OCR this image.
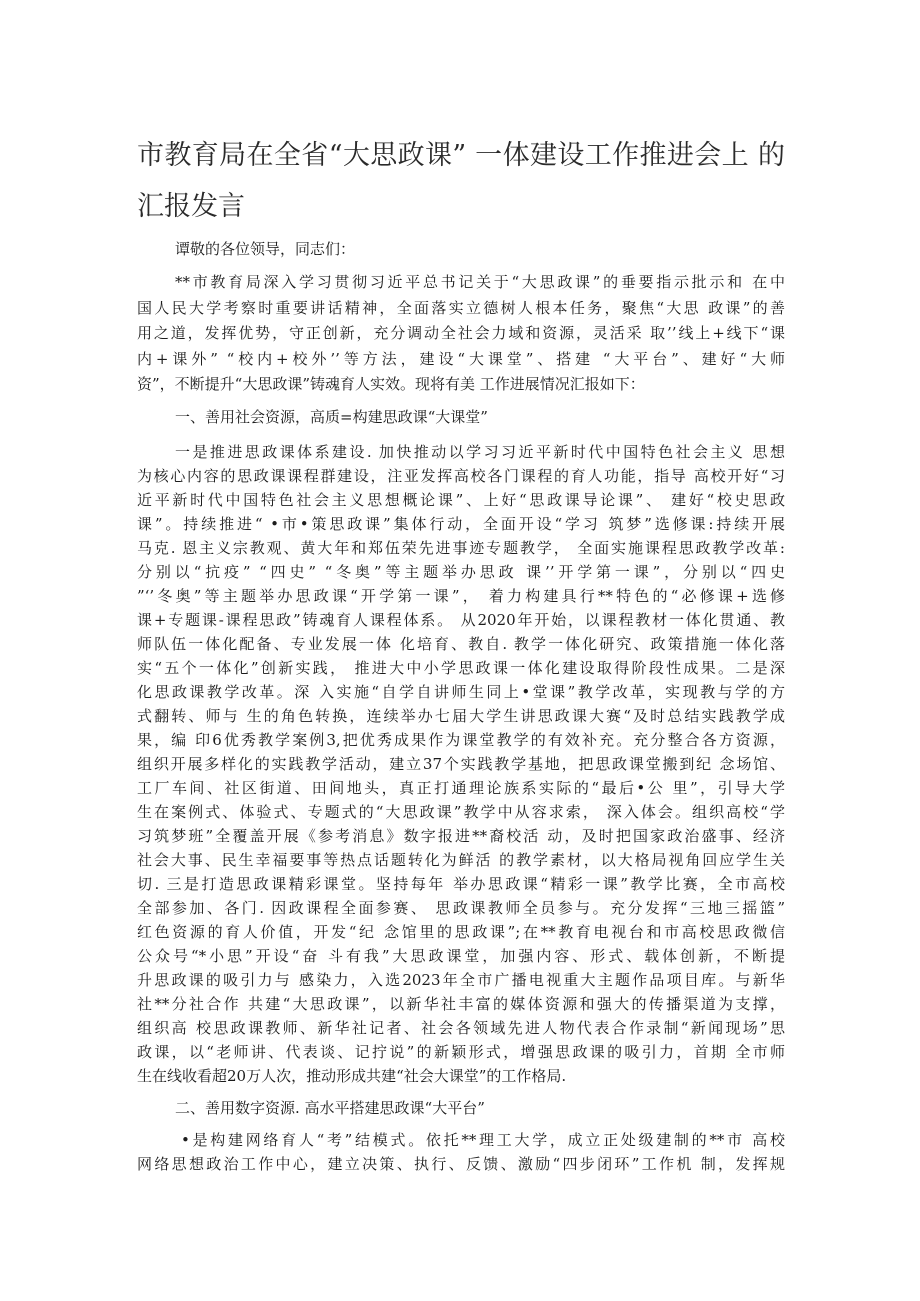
市教育局在全省“大思政课” 一体建设工作推进会上 的
汇报发言
谭敬的各位领导，同志们：
**市教育局深入学习贯彻习近平总书记关于“大思政课”的垂要指示批示和 在中
国人民大学考察时重要讲话精神，全面落实立德树人根本任务，聚焦“大思 政课”的善
用之道，发挥优势，守正创新，充分调动全社会力域和资源，灵活采 取’’线上+线下“课
内+课外” “校内+校外’’等方法，建设“大课堂”、搭建 “大平台”、建好“大师
资”，不断提升“大思政课”铸魂育人实效。现将有美 工作进展情况汇报如下：
一、善用社会资源，高质=构建思政课“大课堂”
一是推进思政课体系建设. 加快推动以学习习近平新时代中国特色社会主义 思想
为核心内容的思政课课程群建设，注亚发挥高校各门课程的育人功能，指导 高校开好“习
近平新时代中国特色社会主义思想概论课”、上好“思政课导论课”、 建好“校史思政
课”。持续推进“ •市•策思政课”集体行动，全面开设“学习 筑梦”选修课:持续开展
马克. 恩主义宗教观、黄大年和郑伍荣先进事迹专题教学， 全面实施课程思政教学改革:
分别以“抗疫” “四史” “冬奥”等主题举办思政 课’’开学第一课”，分别以“四史
”‘’冬奥”等主题举办思政课“开学第一课”， 着力构建具行**特色的“必修课+选修
课+专题课-课程思政”铸魂育人课程体系。 从2020年开始，以课程教材一体化贯通、教
师队伍一体化配备、专业发展一体 化培育、教自. 教学一体化研究、政策措施一体化落
实“五个一体化”创新实践， 推进大中小学思政课一体化建设取得阶段性成果。二是深
化思政课教学改革。深 入实施“自学自讲师生同上•堂课”教学改革，实现教与学的方
式翻转、师与 生的角色转换，连续举办七届大学生讲思政课大赛“及时总结实践教学成
果，编 印6优秀教学案例3,把优秀成果作为课堂教学的有效补充。充分整合各方资源，
组织开展多样化的实践教学活动，建立37个实践教学基地，把思政课堂搬到纪 念场馆、
工厂车间、社区街道、田间地头，真正打通理论族系实际的“最后•公 里”，引导大学
生在案例式、体验式、专题式的“大思政课”教学中从容求索， 深入体会。组织高校“学
习筑梦班”全覆盖开展《参考消息》数字报进**裔校活 动，及时把国家政治盛事、经济
社会大事、民生幸福要事等热点话题转化为鲜活 的教学素材，以大格局视角回应学生关
切. 三是打造思政课精彩课堂。坚持每年 举办思政课“精彩一课”教学比赛，全市高校
全部参加、各门. 因政课程全面参赛、 思政课教师全员参与。充分发挥“三地三摇篮”
红色资源的育人价值，开发“纪 念馆里的思政课”;在**教育电视台和市高校思政微信
公众号“*小思”开设“奋 斗有我”大思政课堂，加强内容、形式、载体创新，不断提
升思政课的吸引力与 感染力，入选2023年全市广播电视重大主题作品项目库。与新华
社**分社合作 共建“大思政课”，以新华社丰富的媒体资源和强大的传播渠道为支撑，
组织高 校思政课教师、新华社记者、社会各领域先进人物代表合作录制“新闻现场”思
政课，以“老师讲、代表谈、记拧说”的新颖形式，增强思政课的吸引力，首期 全市师
生在线收看超20万人次，推动形成共建“社会大课堂”的工作格局.
二、善用数字资源. 高水平搭建思政课“大平台”
•是构建网络育人“考”结模式。依托**理工大学，成立正处级建制的**市 高校
网络思想政治工作中心，建立决策、执行、反馈、激励“四步闭环”工作机 制，发挥规
